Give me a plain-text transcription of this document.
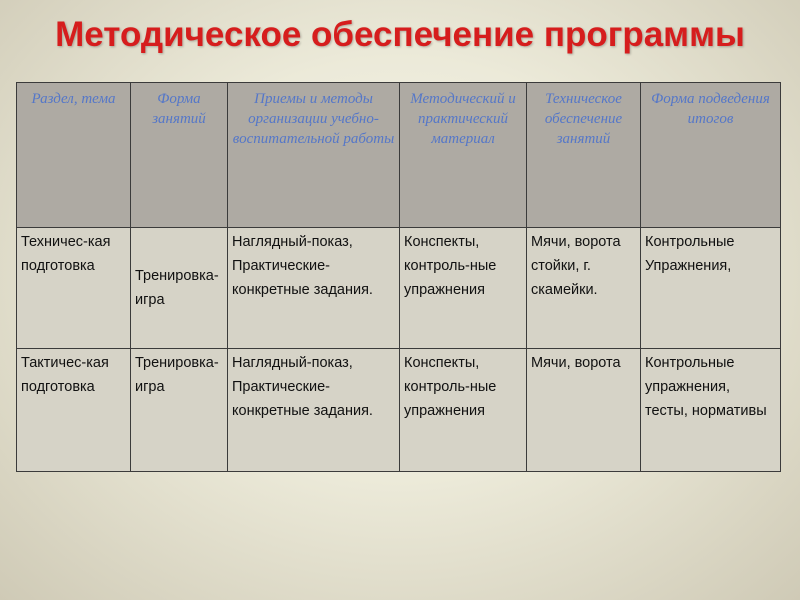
Методическое обеспечение программы
Раздел, тема	Форма занятий	Приемы и методы организации учебно-воспитательной работы	Методический и практический материал	Техническое обеспечение занятий	Форма подведения итогов
Техничес-кая подготовка	Тренировка-игра	Наглядный-показ, Практические-конкретные задания.	Конспекты, контроль-ные упражнения	Мячи, ворота стойки, г. скамейки.	Контрольные Упражнения,
Тактичес-кая подготовка	Тренировка-игра	Наглядный-показ, Практические-конкретные задания.	Конспекты, контроль-ные упражнения	Мячи, ворота	Контрольные упражнения, тесты, нормативы
